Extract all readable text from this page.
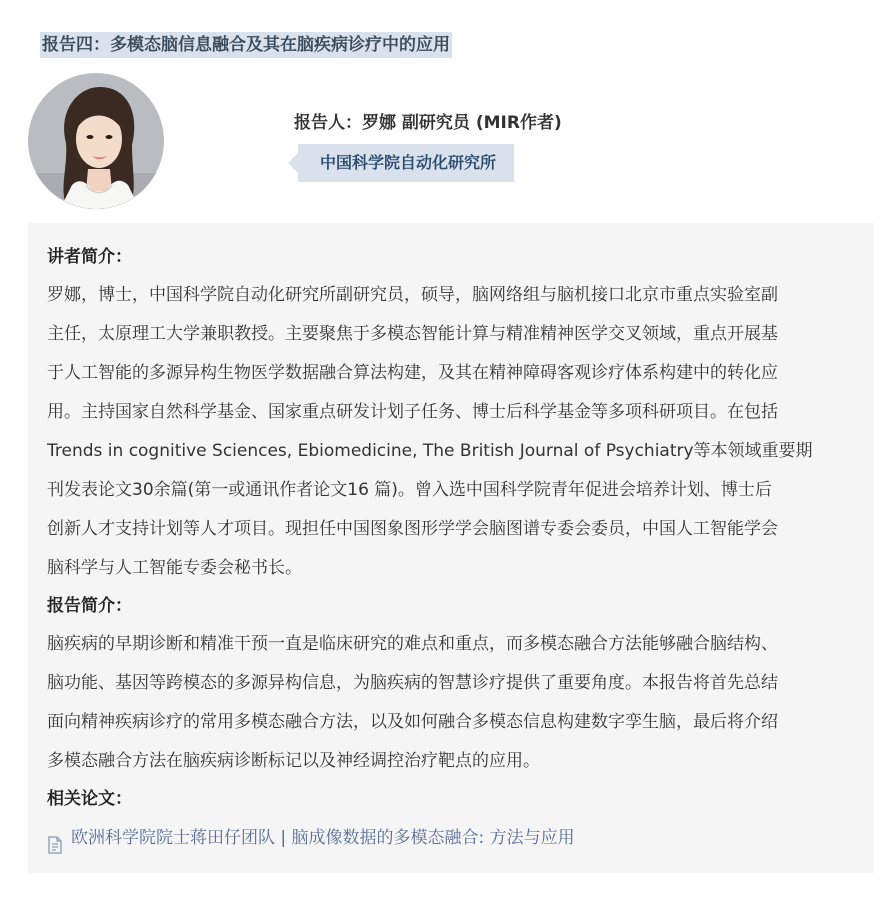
报告四：多模态脑信息融合及其在脑疾病诊疗中的应用
报告人：罗娜 副研究员 (MIR作者)
中国科学院自动化研究所
讲者简介：

罗娜，博士，中国科学院自动化研究所副研究员，硕导，脑网络组与脑机接口北京市重点实验室副
主任，太原理工大学兼职教授。主要聚焦于多模态智能计算与精准精神医学交叉领域，重点开展基
于人工智能的多源异构生物医学数据融合算法构建，及其在精神障碍客观诊疗体系构建中的转化应
用。主持国家自然科学基金、国家重点研发计划子任务、博士后科学基金等多项科研项目。在包括
Trends in cognitive Sciences, Ebiomedicine, The British Journal of Psychiatry等本领域重要期
刊发表论文30余篇(第一或通讯作者论文16 篇)。曾入选中国科学院青年促进会培养计划、博士后
创新人才支持计划等人才项目。现担任中国图象图形学学会脑图谱专委会委员，中国人工智能学会
脑科学与人工智能专委会秘书长。

报告简介：

脑疾病的早期诊断和精准干预一直是临床研究的难点和重点，而多模态融合方法能够融合脑结构、
脑功能、基因等跨模态的多源异构信息，为脑疾病的智慧诊疗提供了重要角度。本报告将首先总结
面向精神疾病诊疗的常用多模态融合方法，以及如何融合多模态信息构建数字孪生脑，最后将介绍
多模态融合方法在脑疾病诊断标记以及神经调控治疗靶点的应用。

相关论文：
欧洲科学院院士蒋田仔团队 | 脑成像数据的多模态融合: 方法与应用
